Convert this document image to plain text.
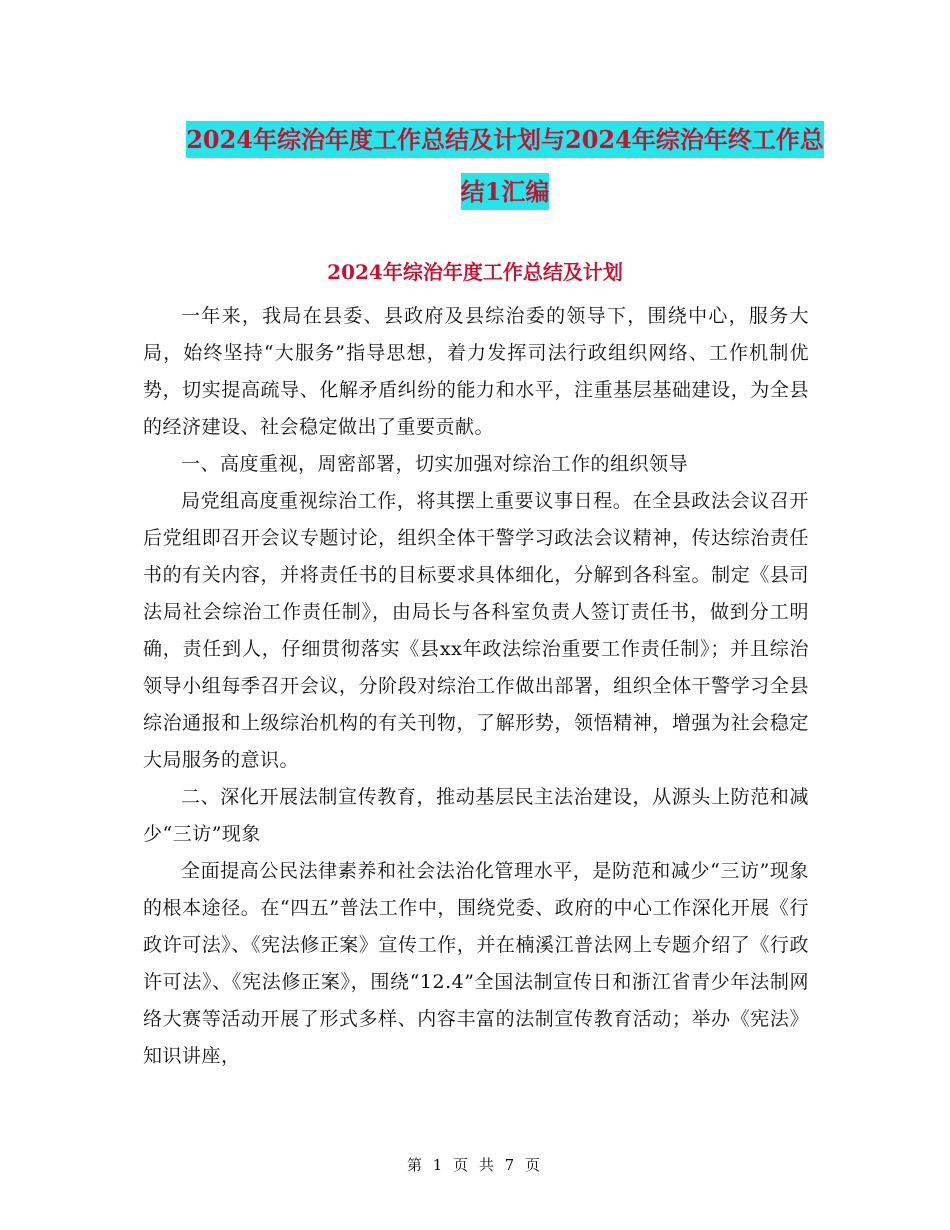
2024年综治年度工作总结及计划与2024年综治年终工作总结1汇编
2024年综治年度工作总结及计划

一年来，我局在县委、县政府及县综治委的领导下，围绕中心，服务大局，始终坚持“大服务”指导思想，着力发挥司法行政组织网络、工作机制优势，切实提高疏导、化解矛盾纠纷的能力和水平，注重基层基础建设，为全县的经济建设、社会稳定做出了重要贡献。

一、高度重视，周密部署，切实加强对综治工作的组织领导

局党组高度重视综治工作，将其摆上重要议事日程。在全县政法会议召开后党组即召开会议专题讨论，组织全体干警学习政法会议精神，传达综治责任书的有关内容，并将责任书的目标要求具体细化，分解到各科室。制定《县司法局社会综治工作责任制》，由局长与各科室负责人签订责任书，做到分工明确，责任到人，仔细贯彻落实《县xx年政法综治重要工作责任制》；并且综治领导小组每季召开会议，分阶段对综治工作做出部署，组织全体干警学习全县综治通报和上级综治机构的有关刊物，了解形势，领悟精神，增强为社会稳定大局服务的意识。

二、深化开展法制宣传教育，推动基层民主法治建设，从源头上防范和减少“三访”现象

全面提高公民法律素养和社会法治化管理水平，是防范和减少“三访”现象的根本途径。在“四五”普法工作中，围绕党委、政府的中心工作深化开展《行政许可法》、《宪法修正案》宣传工作，并在楠溪江普法网上专题介绍了《行政许可法》、《宪法修正案》，围绕“12.4”全国法制宣传日和浙江省青少年法制网络大赛等活动开展了形式多样、内容丰富的法制宣传教育活动；举办《宪法》知识讲座，

第 1 页 共 7 页
